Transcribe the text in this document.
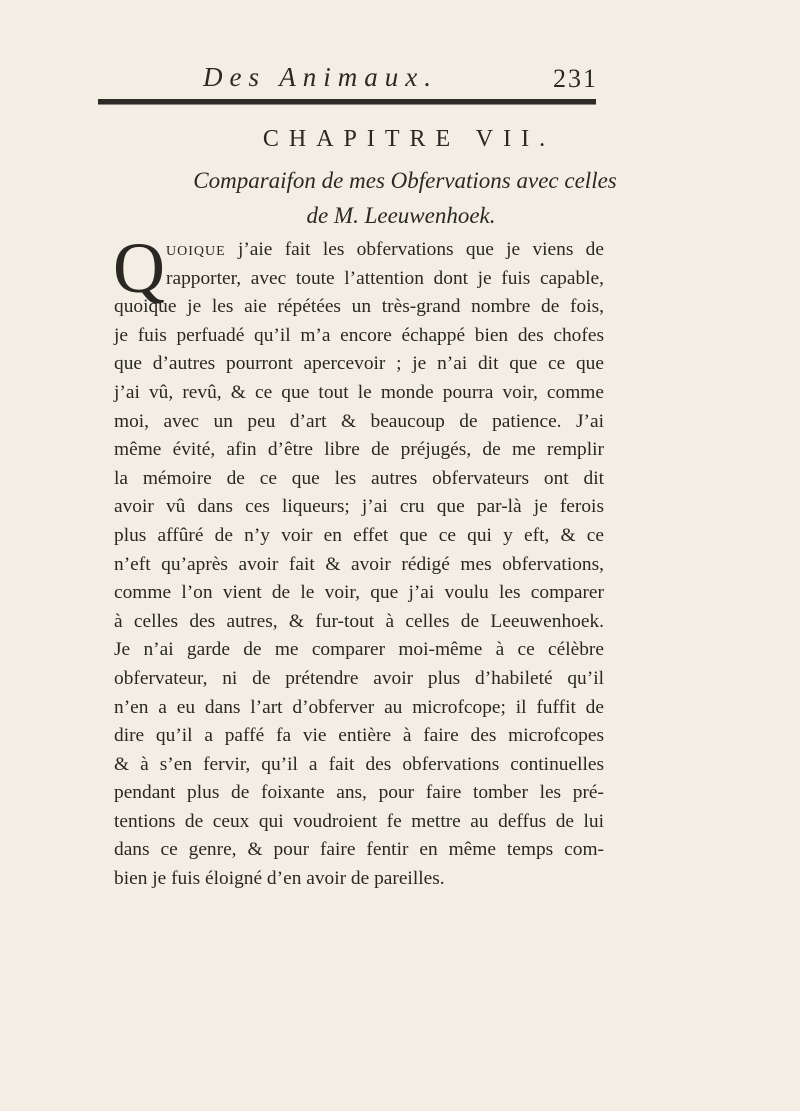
Des Animaux.	231
CHAPITRE VII.
Comparaifon de mes Obfervations avec celles
de M. Leeuwenhoek.
Q uoique j’aie fait les obfervations que je viens de
rapporter, avec toute l’attention dont je fuis capable,
quoique je les aie répétées un très-grand nombre de fois,
je fuis perfuadé qu’il m’a encore échappé bien des chofes
que d’autres pourront apercevoir ; je n’ai dit que ce que
j’ai vû, revû, & ce que tout le monde pourra voir, comme
moi, avec un peu d’art & beaucoup de patience. J’ai
même évité, afin d’être libre de préjugés, de me remplir
la mémoire de ce que les autres obfervateurs ont dit
avoir vû dans ces liqueurs; j’ai cru que par-là je ferois
plus affûré de n’y voir en effet que ce qui y eft, & ce
n’eft qu’après avoir fait & avoir rédigé mes obfervations,
comme l’on vient de le voir, que j’ai voulu les comparer
à celles des autres, & fur-tout à celles de Leeuwenhoek.
Je n’ai garde de me comparer moi-même à ce célèbre
obfervateur, ni de prétendre avoir plus d’habileté qu’il
n’en a eu dans l’art d’obferver au microfcope; il fuffit de
dire qu’il a paffé fa vie entière à faire des microfcopes
& à s’en fervir, qu’il a fait des obfervations continuelles
pendant plus de foixante ans, pour faire tomber les pré-
tentions de ceux qui voudroient fe mettre au deffus de lui
dans ce genre, & pour faire fentir en même temps com-
bien je fuis éloigné d’en avoir de pareilles.
